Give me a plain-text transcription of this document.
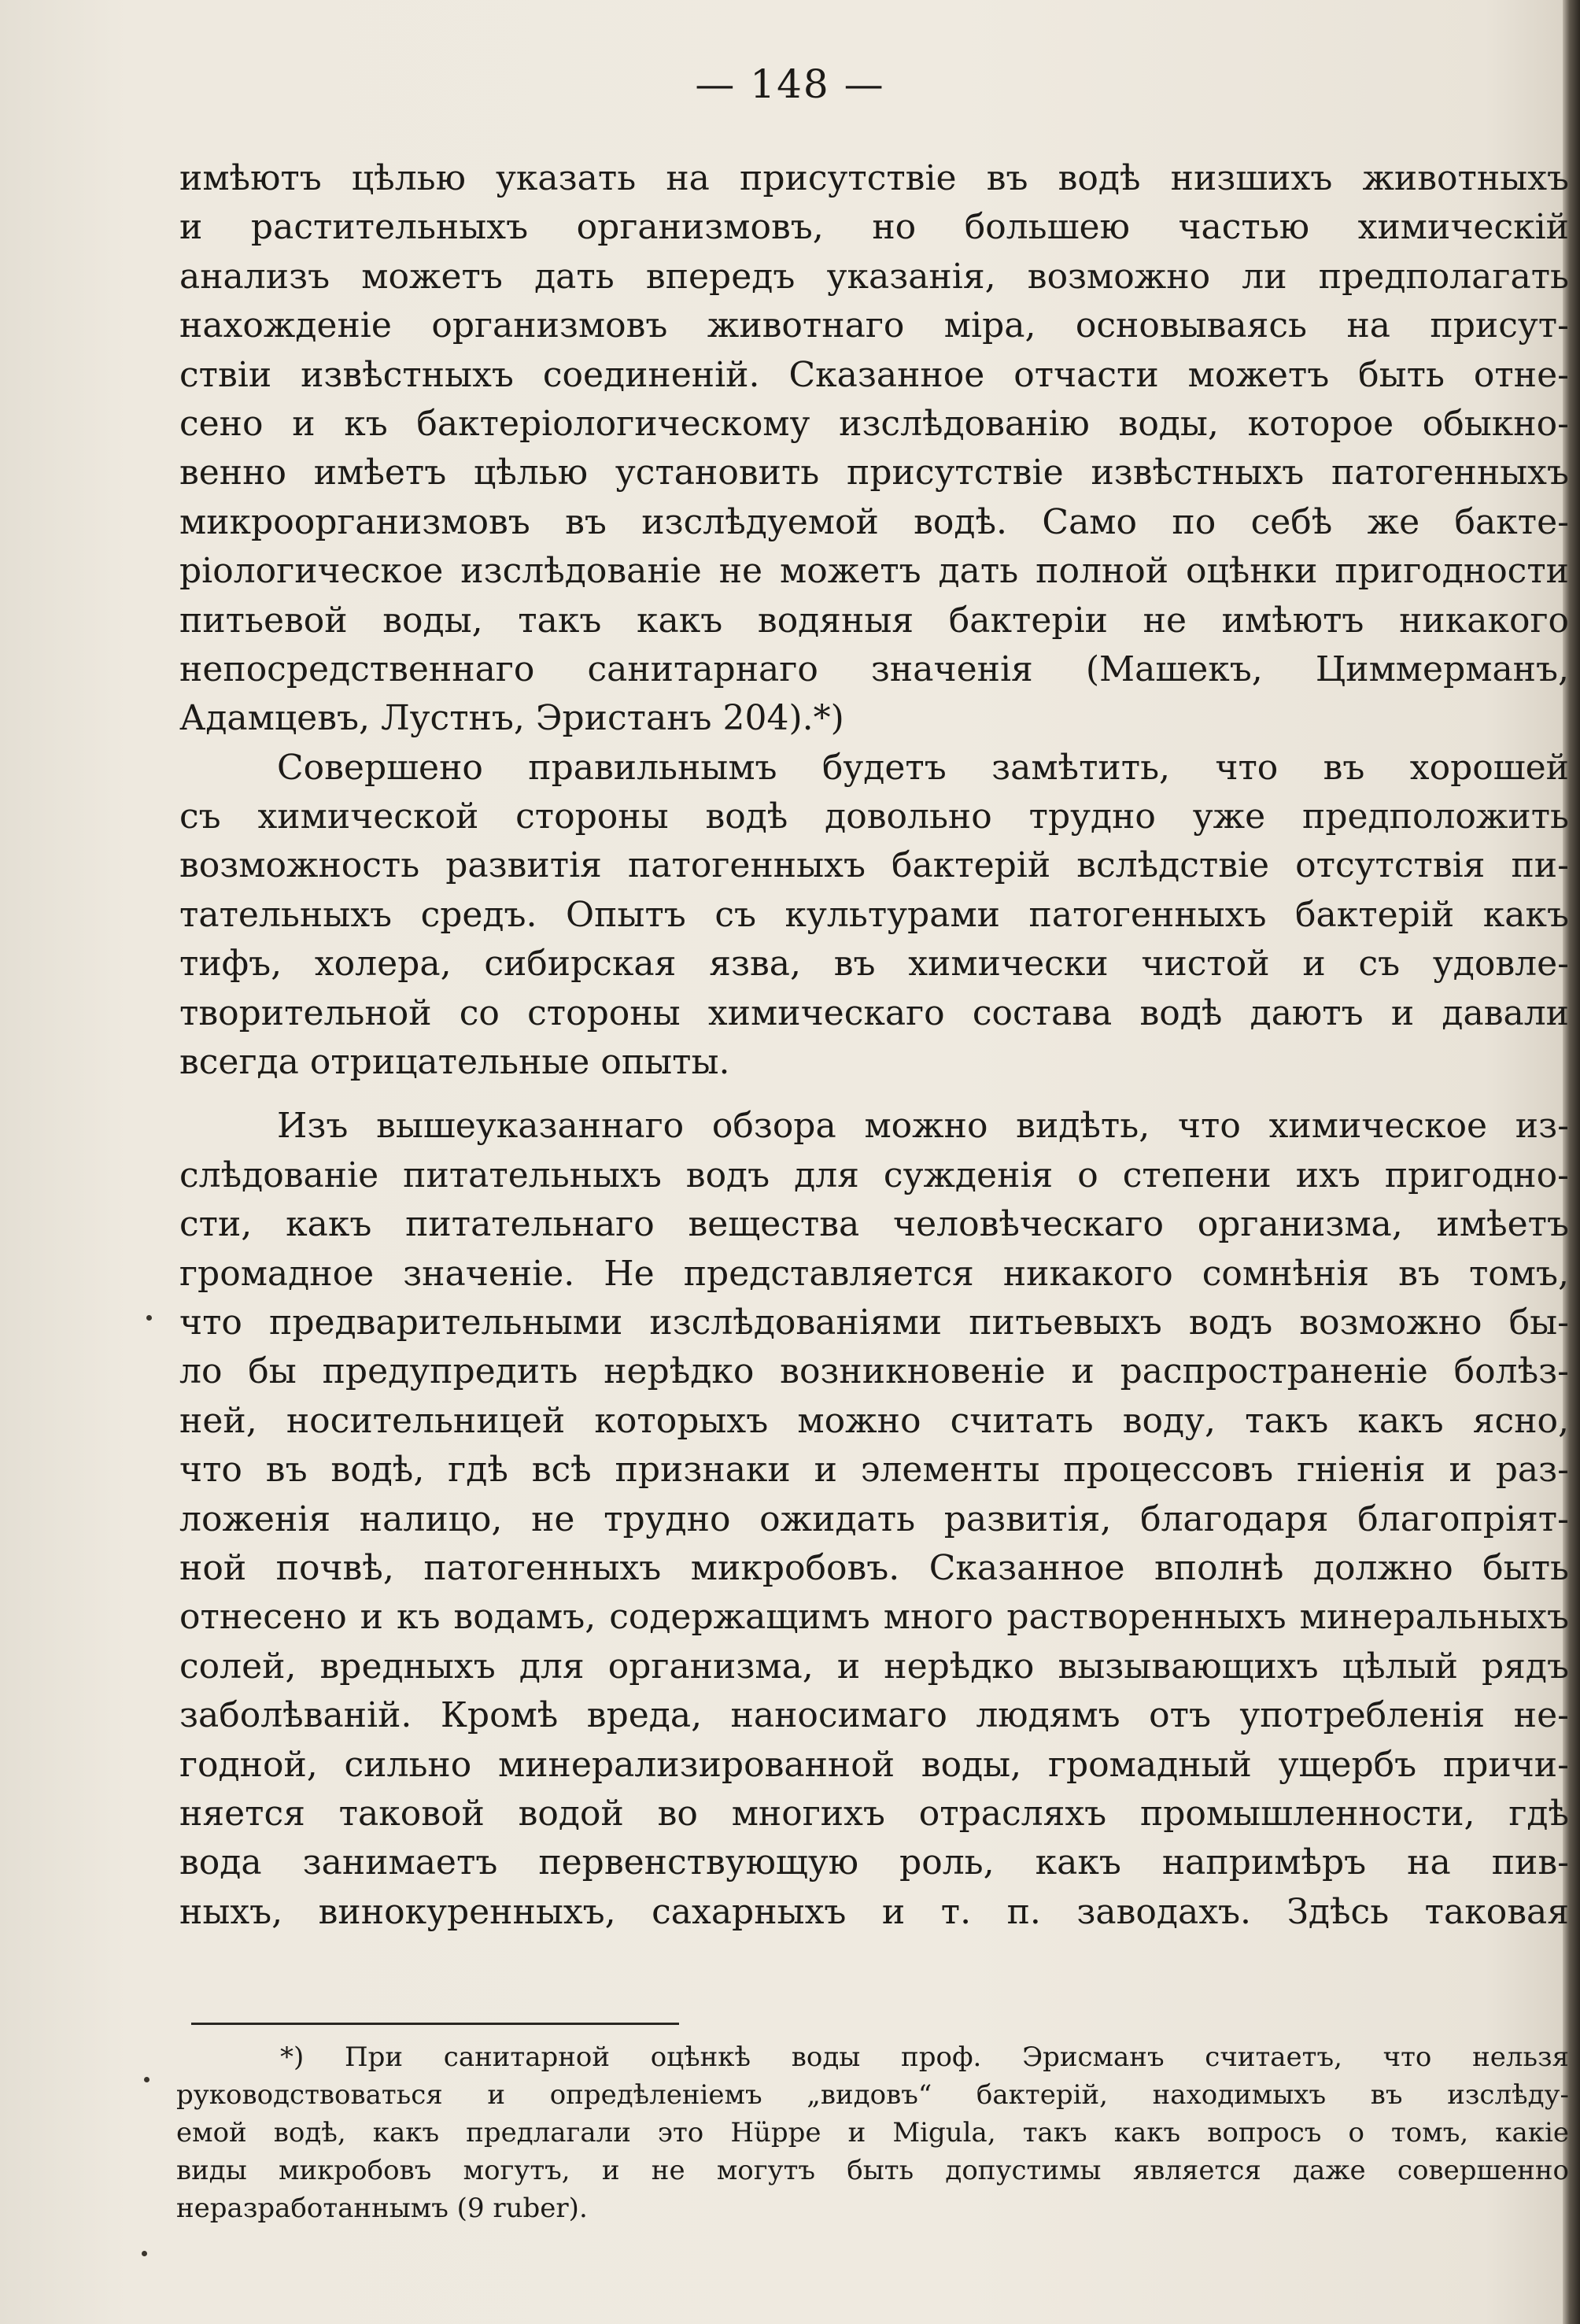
— 148 —
имѣютъ цѣлью указать на присутствіе въ водѣ низшихъ животныхъ
и растительныхъ организмовъ, но большею частью химическій
анализъ можетъ дать впередъ указанія, возможно ли предполагать
нахожденіе организмовъ животнаго міра, основываясь на присут-
ствіи извѣстныхъ соединеній. Сказанное отчасти можетъ быть отне-
сено и къ бактеріологическому изслѣдованію воды, которое обыкно-
венно имѣетъ цѣлью установить присутствіе извѣстныхъ патогенныхъ
микроорганизмовъ въ изслѣдуемой водѣ. Само по себѣ же бакте-
ріологическое изслѣдованіе не можетъ дать полной оцѣнки пригодности
питьевой воды, такъ какъ водяныя бактеріи не имѣютъ никакого
непосредственнаго санитарнаго значенія (Машекъ, Циммерманъ,
Адамцевъ, Лустнъ, Эристанъ 204).*)
Совершено правильнымъ будетъ замѣтить, что въ хорошей
съ химической стороны водѣ довольно трудно уже предположить
возможность развитія патогенныхъ бактерій вслѣдствіе отсутствія пи-
тательныхъ средъ. Опытъ съ культурами патогенныхъ бактерій какъ
тифъ, холера, сибирская язва, въ химически чистой и съ удовле-
творительной со стороны химическаго состава водѣ даютъ и давали
всегда отрицательные опыты.
Изъ вышеуказаннаго обзора можно видѣть, что химическое из-
слѣдованіе питательныхъ водъ для сужденія о степени ихъ пригодно-
сти, какъ питательнаго вещества человѣческаго организма, имѣетъ
громадное значеніе. Не представляется никакого сомнѣнія въ томъ,
что предварительными изслѣдованіями питьевыхъ водъ возможно бы-
ло бы предупредить нерѣдко возникновеніе и распространеніе болѣз-
ней, носительницей которыхъ можно считать воду, такъ какъ ясно,
что въ водѣ, гдѣ всѣ признаки и элементы процессовъ гніенія и раз-
ложенія налицо, не трудно ожидать развитія, благодаря благопріят-
ной почвѣ, патогенныхъ микробовъ. Сказанное вполнѣ должно быть
отнесено и къ водамъ, содержащимъ много растворенныхъ минеральныхъ
солей, вредныхъ для организма, и нерѣдко вызывающихъ цѣлый рядъ
заболѣваній. Кромѣ вреда, наносимаго людямъ отъ употребленія не-
годной, сильно минерализированной воды, громадный ущербъ причи-
няется таковой водой во многихъ отрасляхъ промышленности, гдѣ
вода занимаетъ первенствующую роль, какъ напримѣръ на пив-
ныхъ, винокуренныхъ, сахарныхъ и т. п. заводахъ. Здѣсь таковая
*) При санитарной оцѣнкѣ воды проф. Эрисманъ считаетъ, что нельзя
руководствоваться и опредѣленіемъ „видовъ“ бактерій, находимыхъ въ изслѣду-
емой водѣ, какъ предлагали это Hüppe и Migula, такъ какъ вопросъ о томъ, какіе
виды микробовъ могутъ, и не могутъ быть допустимы является даже совершенно
неразработаннымъ (9 ruber).
